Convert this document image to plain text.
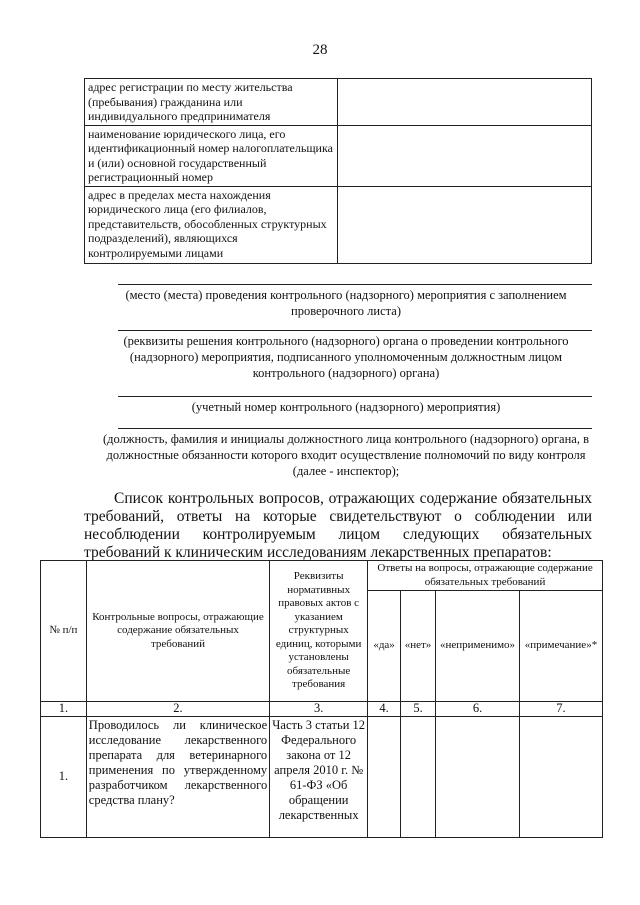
28
адрес регистрации по месту жительства (пребывания) гражданина или индивидуального предпринимателя	
наименование юридического лица, его идентификационный номер налогоплательщика и (или) основной государственный регистрационный номер	
адрес в пределах места нахождения юридического лица (его филиалов, представительств, обособленных структурных подразделений), являющихся контролируемыми лицами	
(место (места) проведения контрольного (надзорного) мероприятия с заполнением проверочного листа)
(реквизиты решения контрольного (надзорного) органа о проведении контрольного (надзорного) мероприятия, подписанного уполномоченным должностным лицом контрольного (надзорного) органа)
(учетный номер контрольного (надзорного) мероприятия)
(должность, фамилия и инициалы должностного лица контрольного (надзорного) органа, в должностные обязанности которого входит осуществление полномочий по виду контроля (далее - инспектор);
Список контрольных вопросов, отражающих содержание обязательных требований, ответы на которые свидетельствуют о соблюдении или несоблюдении контролируемым лицом следующих обязательных требований к клиническим исследованиям лекарственных препаратов:
№ п/п	Контрольные вопросы, отражающие содержание обязательных требований	Реквизиты нормативных правовых актов с указанием структурных единиц, которыми установлены обязательные требования	Ответы на вопросы, отражающие содержание обязательных требований			
			«да»	«нет»	«неприменимо»	«примечание»*
1.	2.	3.	4.	5.	6.	7.
1.	Проводилось ли клиническое исследование лекарственного препарата для ветеринарного применения по утвержденному разработчиком лекарственного средства плану?	Часть 3 статьи 12 Федерального закона от 12 апреля 2010 г. № 61-ФЗ «Об обращении лекарственных				
